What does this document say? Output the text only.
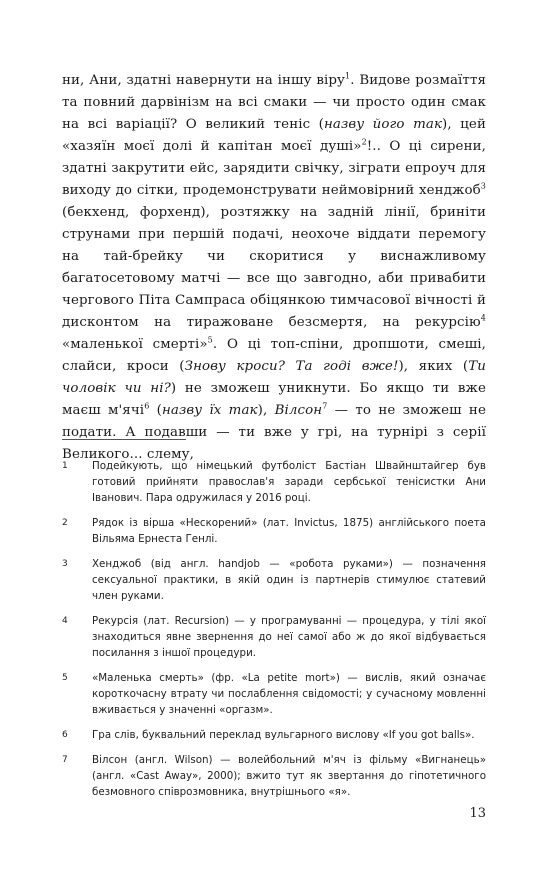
ни, Ани, здатні навернути на іншу віру$^1$. Видове розмаїття та повний дарвінізм на всі смаки — чи просто один смак на всі варіації? О великий теніс (назву його так), цей «хазяїн моєї долі й капітан моєї душі»$^2$!.. О ці сирени, здатні закрутити ейс, зарядити свічку, зіграти епроуч для виходу до сітки, продемонструвати неймовірний хенджоб$^3$ (бекхенд, форхенд), розтяжку на задній лінії, бриніти струнами при першій подачі, неохоче віддати перемогу на тай-брейку чи скоритися у виснажливому багатосетовому матчі — все що завгодно, аби привабити чергового Піта Сампраса обіцянкою тимчасової вічності й дисконтом на тиражоване безсмертя, на рекурсію$^4$ «маленької смерті»$^5$. О ці топ-спіни, дропшоти, смеші, слайси, кроси (Знову кроси? Та годі вже!), яких (Ти чоловік чи ні?) не зможеш уникнути. Бо якщо ти вже маєш м'ячі$^6$ (назву їх так), Вілсон$^7$ — то не зможеш не подати. А подавши — ти вже у грі, на турнірі з серії Великого... слему,
1	Подейкують, що німецький футболіст Бастіан Швайнштайгер був готовий прийняти православ'я заради сербської тенісистки Ани Іванович. Пара одружилася у 2016 році.
2	Рядок із вірша «Нескорений» (лат. Invictus, 1875) англійського поета Вільяма Ернеста Генлі.
3	Хенджоб (від англ. handjob — «робота руками») — позначення сексуальної практики, в якій один із партнерів стимулює статевий член руками.
4	Рекурсія (лат. Recursion) — у програмуванні — процедура, у тілі якої знаходиться явне звернення до неї самої або ж до якої відбувається посилання з іншої процедури.
5	«Маленька смерть» (фр. «La petite mort») — вислів, який означає короткочасну втрату чи послаблення свідомості; у сучасному мовленні вживається у значенні «оргазм».
6	Гра слів, буквальний переклад вульгарного вислову «If you got balls».
7	Вілсон (англ. Wilson) — волейбольний м'яч із фільму «Вигнанець» (англ. «Cast Away», 2000); вжито тут як звертання до гіпотетичного безмовного співрозмовника, внутрішнього «я».
13
